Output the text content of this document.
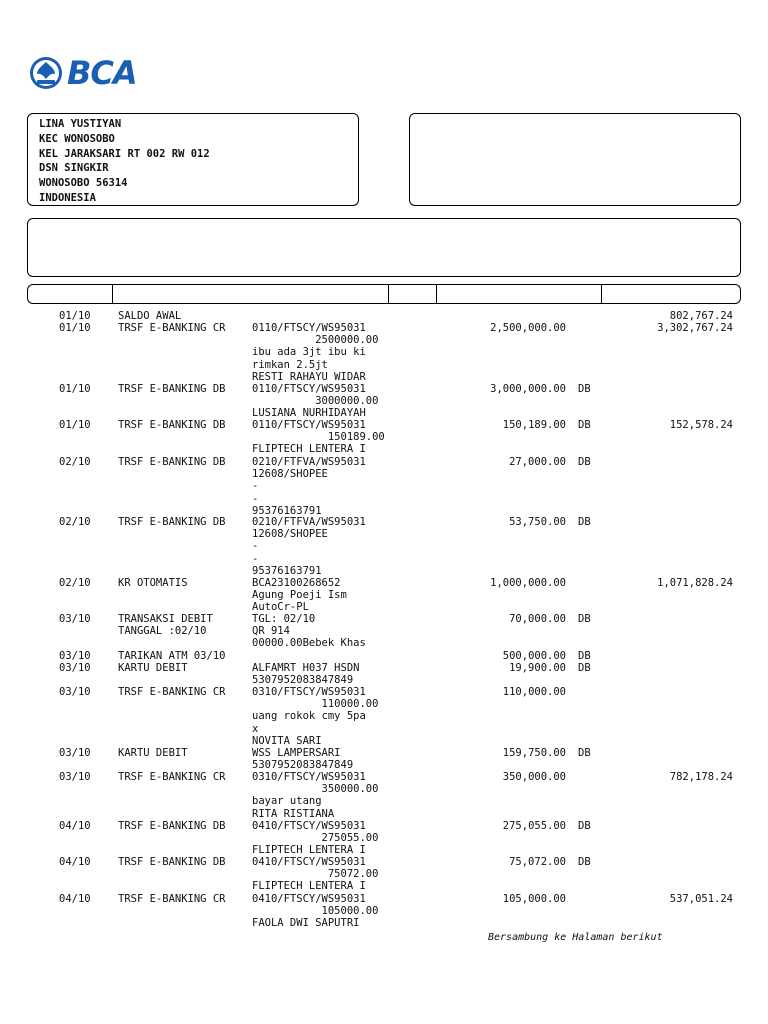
BCA
LINA YUSTIYAN
KEC WONOSOBO
KEL JARAKSARI RT 002 RW 012
DSN SINGKIR
WONOSOBO 56314
INDONESIA
01/10	SALDO AWAL	802,767.24
01/10	TRSF E-BANKING CR	0110/FTSCY/WS95031
2500000.00
ibu ada 3jt ibu ki
rimkan 2.5jt
RESTI RAHAYU WIDAR
2,500,000.00	3,302,767.24
01/10	TRSF E-BANKING DB	0110/FTSCY/WS95031
3000000.00
LUSIANA NURHIDAYAH
3,000,000.00 DB
01/10	TRSF E-BANKING DB	0110/FTSCY/WS95031
150189.00
FLIPTECH LENTERA I
150,189.00 DB	152,578.24
02/10	TRSF E-BANKING DB	0210/FTFVA/WS95031
12608/SHOPEE
-
-
95376163791
27,000.00 DB
02/10	TRSF E-BANKING DB	0210/FTFVA/WS95031
12608/SHOPEE
-
-
95376163791
53,750.00 DB
02/10	KR OTOMATIS	BCA23100268652
Agung Poeji Ism
AutoCr-PL
1,000,000.00	1,071,828.24
03/10	TRANSAKSI DEBIT
TANGGAL :02/10
TGL: 02/10
QR 914
00000.00Bebek Khas
70,000.00 DB
03/10	TARIKAN ATM 03/10	500,000.00 DB
03/10	KARTU DEBIT	ALFAMRT H037 HSDN
5307952083847849
19,900.00 DB
03/10	TRSF E-BANKING CR	0310/FTSCY/WS95031
110000.00
uang rokok cmy 5pa
x
NOVITA SARI
110,000.00
03/10	KARTU DEBIT	WSS LAMPERSARI
5307952083847849
159,750.00 DB
03/10	TRSF E-BANKING CR	0310/FTSCY/WS95031
350000.00
bayar utang
RITA RISTIANA
350,000.00	782,178.24
04/10	TRSF E-BANKING DB	0410/FTSCY/WS95031
275055.00
FLIPTECH LENTERA I
275,055.00 DB
04/10	TRSF E-BANKING DB	0410/FTSCY/WS95031
75072.00
FLIPTECH LENTERA I
75,072.00 DB
04/10	TRSF E-BANKING CR	0410/FTSCY/WS95031
105000.00
FAOLA DWI SAPUTRI
105,000.00	537,051.24
Bersambung ke Halaman berikut
